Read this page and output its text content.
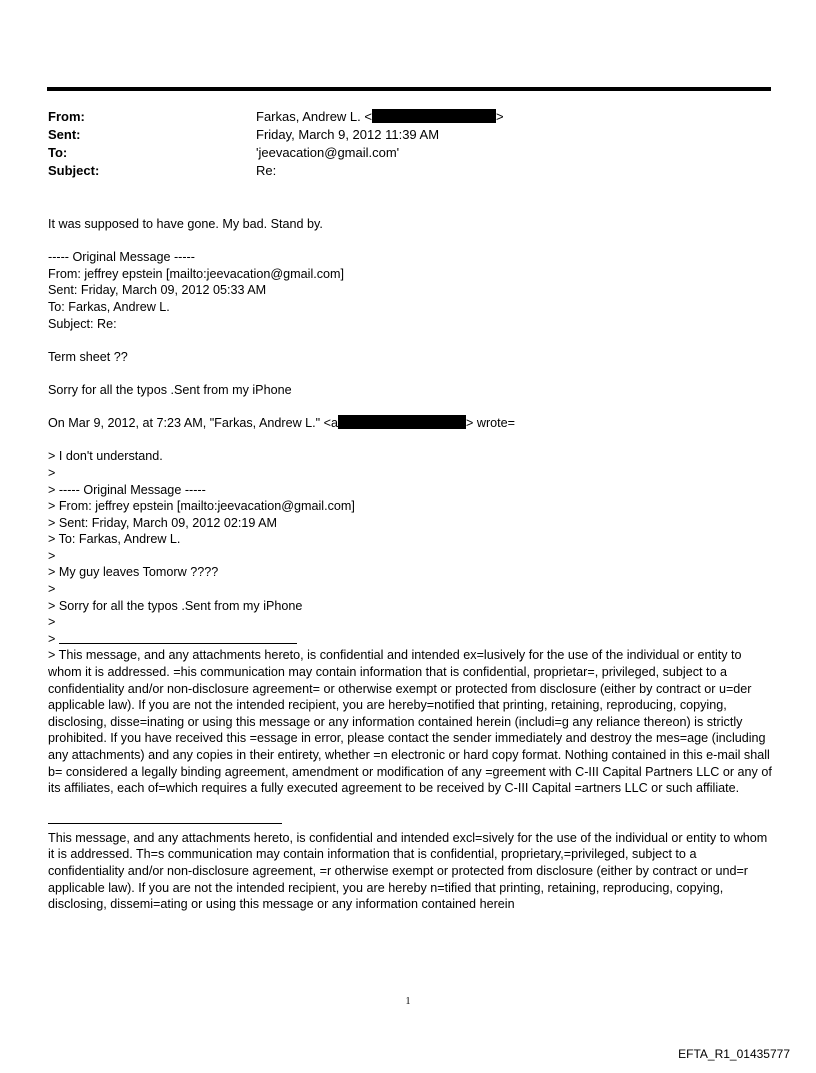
From:	Farkas, Andrew L. <	>
Sent:	Friday, March 9, 2012 11:39 AM
To:	'jeevacation@gmail.com'
Subject:	Re:
It was supposed to have gone. My bad. Stand by.
----- Original Message -----
From: jeffrey epstein [mailto:jeevacation@gmail.com]
Sent: Friday, March 09, 2012 05:33 AM
To: Farkas, Andrew L.
Subject: Re:
Term sheet ??
Sorry for all the typos .Sent from my iPhone
On Mar 9, 2012, at 7:23 AM, "Farkas, Andrew L." <a	> wrote=
> I don't understand.
>
> ----- Original Message -----
> From: jeffrey epstein [mailto:jeevacation@gmail.com]
> Sent: Friday, March 09, 2012 02:19 AM
> To: Farkas, Andrew L.
>
> My guy leaves Tomorw ????
>
> Sorry for all the typos .Sent from my iPhone
>
>
> This message, and any attachments hereto, is confidential and intended ex=lusively for the use of the individual or entity to whom it is addressed. =his communication may contain information that is confidential, proprietar=, privileged, subject to a confidentiality and/or non-disclosure agreement= or otherwise exempt or protected from disclosure (either by contract or u=der applicable law). If you are not the intended recipient, you are hereby=notified that printing, retaining, reproducing, copying, disclosing, disse=inating or using this message or any information contained herein (includi=g any reliance thereon) is strictly prohibited. If you have received this =essage in error, please contact the sender immediately and destroy the mes=age (including any attachments) and any copies in their entirety, whether =n electronic or hard copy format. Nothing contained in this e-mail shall b= considered a legally binding agreement, amendment or modification of any =greement with C-III Capital Partners LLC or any of its affiliates, each of=which requires a fully executed agreement to be received by C-III Capital =artners LLC or such affiliate.
This message, and any attachments hereto, is confidential and intended excl=sively for the use of the individual or entity to whom it is addressed. Th=s communication may contain information that is confidential, proprietary,=privileged, subject to a confidentiality and/or non-disclosure agreement, =r otherwise exempt or protected from disclosure (either by contract or und=r applicable law). If you are not the intended recipient, you are hereby n=tified that printing, retaining, reproducing, copying, disclosing, dissemi=ating or using this message or any information contained herein
1
EFTA_R1_01435777
